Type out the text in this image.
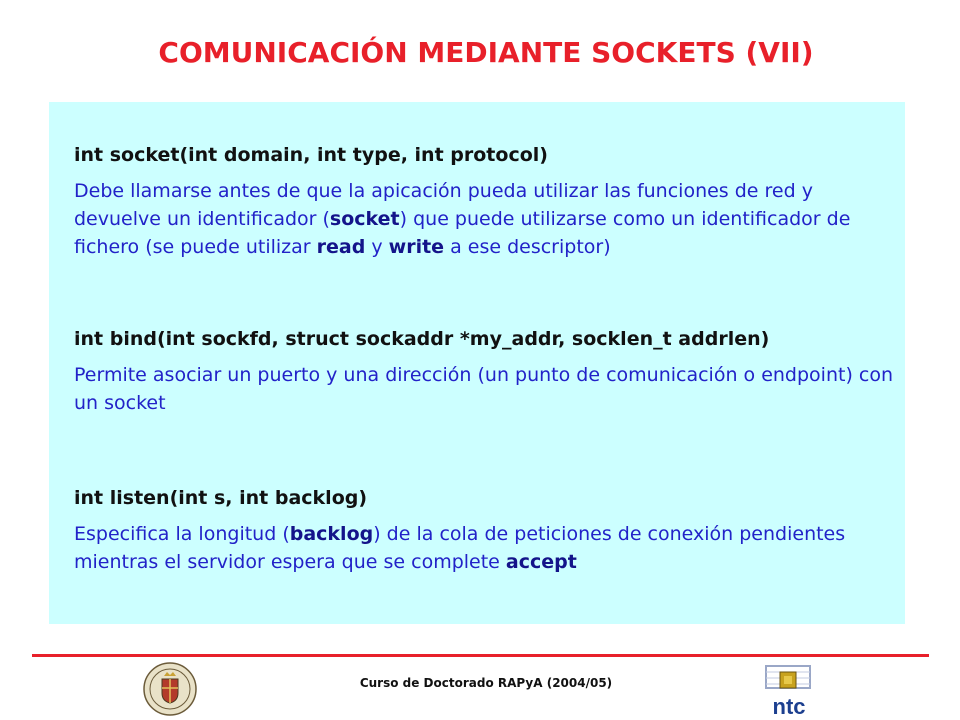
COMUNICACIÓN MEDIANTE SOCKETS (VII)

int socket(int domain, int type, int protocol)

Debe llamarse antes de que la apicación pueda utilizar las funciones de red y devuelve un identificador (socket) que puede utilizarse como un identificador de fichero (se puede utilizar read y write a ese descriptor)

int bind(int sockfd, struct sockaddr *my_addr, socklen_t addrlen)

Permite asociar un puerto y una dirección (un punto de comunicación o endpoint) con un socket

int listen(int s, int backlog)

Especifica la longitud (backlog) de la cola de peticiones de conexión pendientes mientras el servidor espera que se complete accept

Curso de Doctorado RAPyA (2004/05)
ntc
